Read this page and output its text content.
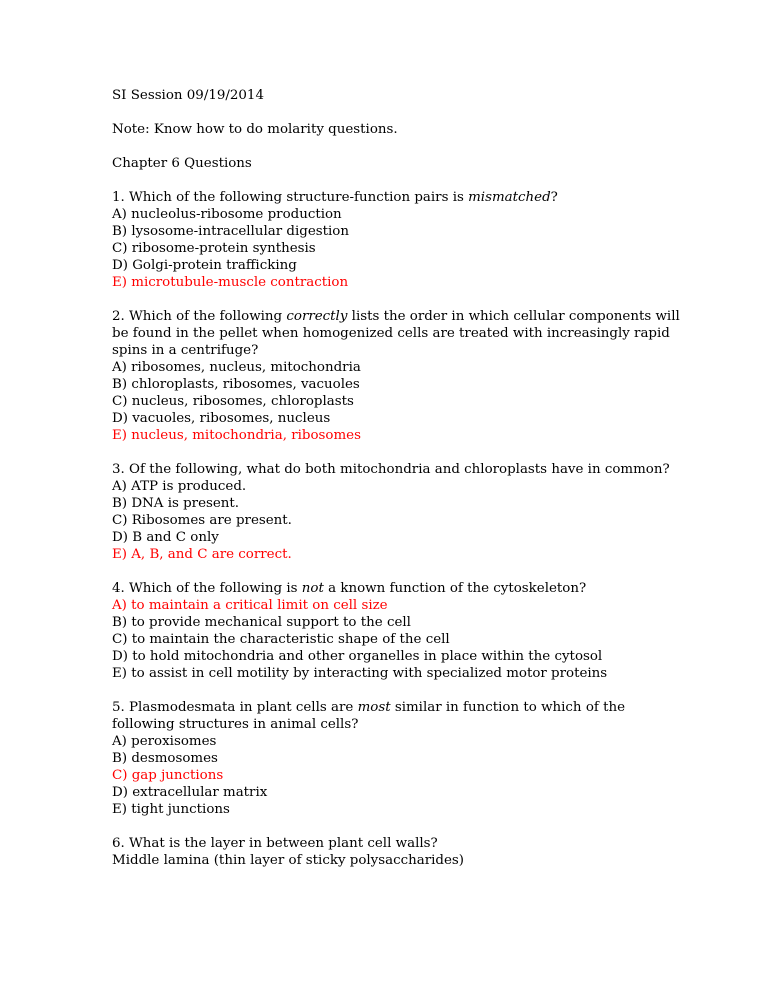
SI Session 09/19/2014

Note: Know how to do molarity questions.

Chapter 6 Questions

1. Which of the following structure-function pairs is mismatched?
A) nucleolus-ribosome production
B) lysosome-intracellular digestion
C) ribosome-protein synthesis
D) Golgi-protein trafficking
E) microtubule-muscle contraction
2. Which of the following correctly lists the order in which cellular components will
be found in the pellet when homogenized cells are treated with increasingly rapid
spins in a centrifuge?
A) ribosomes, nucleus, mitochondria
B) chloroplasts, ribosomes, vacuoles
C) nucleus, ribosomes, chloroplasts
D) vacuoles, ribosomes, nucleus
E) nucleus, mitochondria, ribosomes
3. Of the following, what do both mitochondria and chloroplasts have in common?
A) ATP is produced.
B) DNA is present.
C) Ribosomes are present.
D) B and C only
E) A, B, and C are correct.
4. Which of the following is not a known function of the cytoskeleton?
A) to maintain a critical limit on cell size
B) to provide mechanical support to the cell
C) to maintain the characteristic shape of the cell
D) to hold mitochondria and other organelles in place within the cytosol
E) to assist in cell motility by interacting with specialized motor proteins
5. Plasmodesmata in plant cells are most similar in function to which of the
following structures in animal cells?
A) peroxisomes
B) desmosomes
C) gap junctions
D) extracellular matrix
E) tight junctions
6. What is the layer in between plant cell walls?
Middle lamina (thin layer of sticky polysaccharides)
